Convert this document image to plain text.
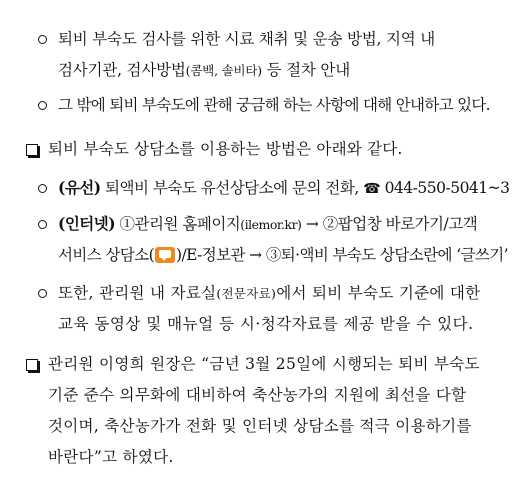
퇴비 부숙도 검사를 위한 시료 채취 및 운송 방법, 지역 내
검사기관, 검사방법(콤백, 솔비타) 등 절차 안내
그 밖에 퇴비 부숙도에 관해 궁금해 하는 사항에 대해 안내하고 있다.
퇴비 부숙도 상담소를 이용하는 방법은 아래와 같다.
(유선) 퇴액비 부숙도 유선상담소에 문의 전화, ☎ 044-550-5041~3
(인터넷) ①관리원 홈페이지(ilemor.kr) → ②팝업창 바로가기/고객
서비스 상담소( )/E-정보관 → ③퇴·액비 부숙도 상담소란에 ‘글쓰기’
또한, 관리원 내 자료실(전문자료)에서 퇴비 부숙도 기준에 대한
교육 동영상 및 매뉴얼 등 시·청각자료를 제공 받을 수 있다.
관리원 이영희 원장은 “금년 3월 25일에 시행되는 퇴비 부숙도
기준 준수 의무화에 대비하여 축산농가의 지원에 최선을 다할
것이며, 축산농가가 전화 및 인터넷 상담소를 적극 이용하기를
바란다”고 하였다.
